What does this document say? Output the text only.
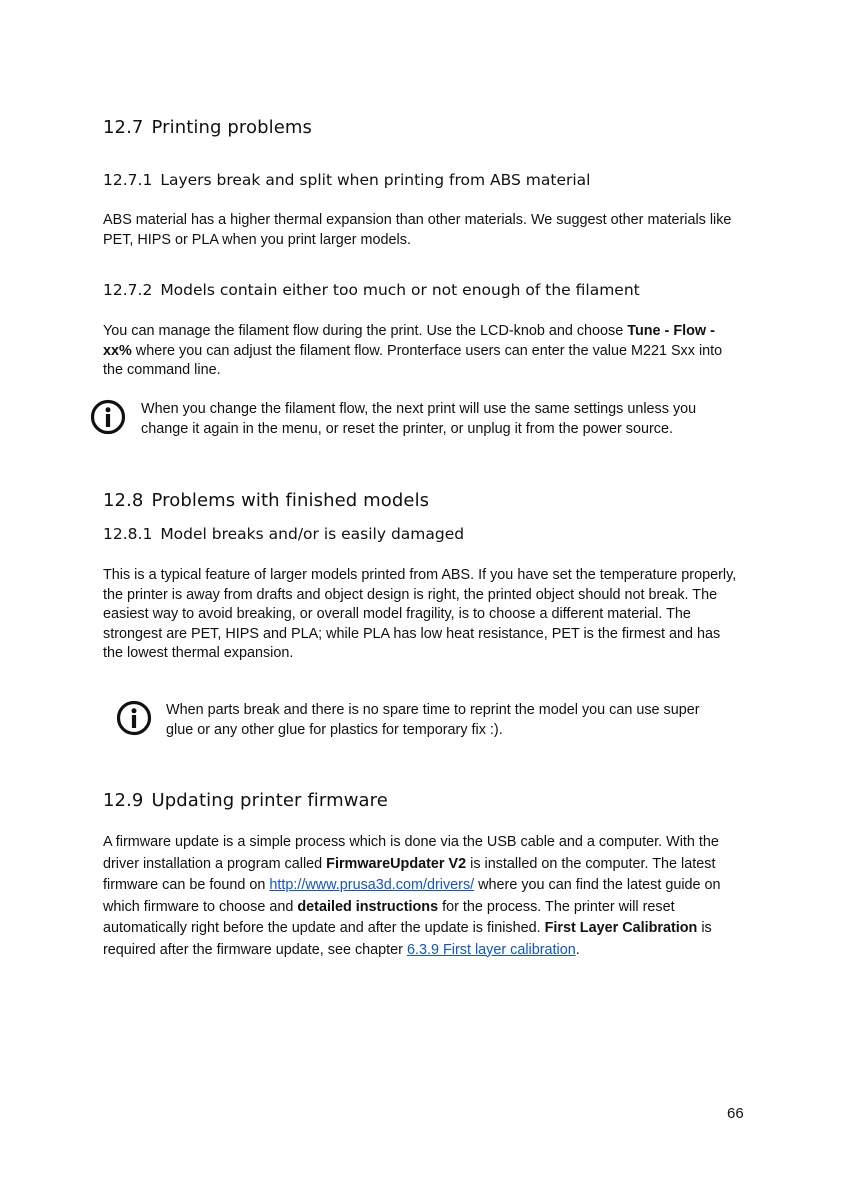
12.7 Printing problems
12.7.1 Layers break and split when printing from ABS material

ABS material has a higher thermal expansion than other materials. We suggest other materials like PET, HIPS or PLA when you print larger models.

12.7.2 Models contain either too much or not enough of the filament

You can manage the filament flow during the print. Use the LCD-knob and choose Tune - Flow - xx% where you can adjust the filament flow. Pronterface users can enter the value M221 Sxx into the command line.

When you change the filament flow, the next print will use the same settings unless you change it again in the menu, or reset the printer, or unplug it from the power source.

12.8 Problems with finished models
12.8.1 Model breaks and/or is easily damaged

This is a typical feature of larger models printed from ABS. If you have set the temperature properly, the printer is away from drafts and object design is right, the printed object should not break. The easiest way to avoid breaking, or overall model fragility, is to choose a different material. The strongest are PET, HIPS and PLA; while PLA has low heat resistance, PET is the firmest and has the lowest thermal expansion.

When parts break and there is no spare time to reprint the model you can use super glue or any other glue for plastics for temporary fix :).

12.9 Updating printer firmware

A firmware update is a simple process which is done via the USB cable and a computer. With the driver installation a program called FirmwareUpdater V2 is installed on the computer. The latest firmware can be found on http://www.prusa3d.com/drivers/ where you can find the latest guide on which firmware to choose and detailed instructions for the process. The printer will reset automatically right before the update and after the update is finished. First Layer Calibration is required after the firmware update, see chapter 6.3.9 First layer calibration.

66
